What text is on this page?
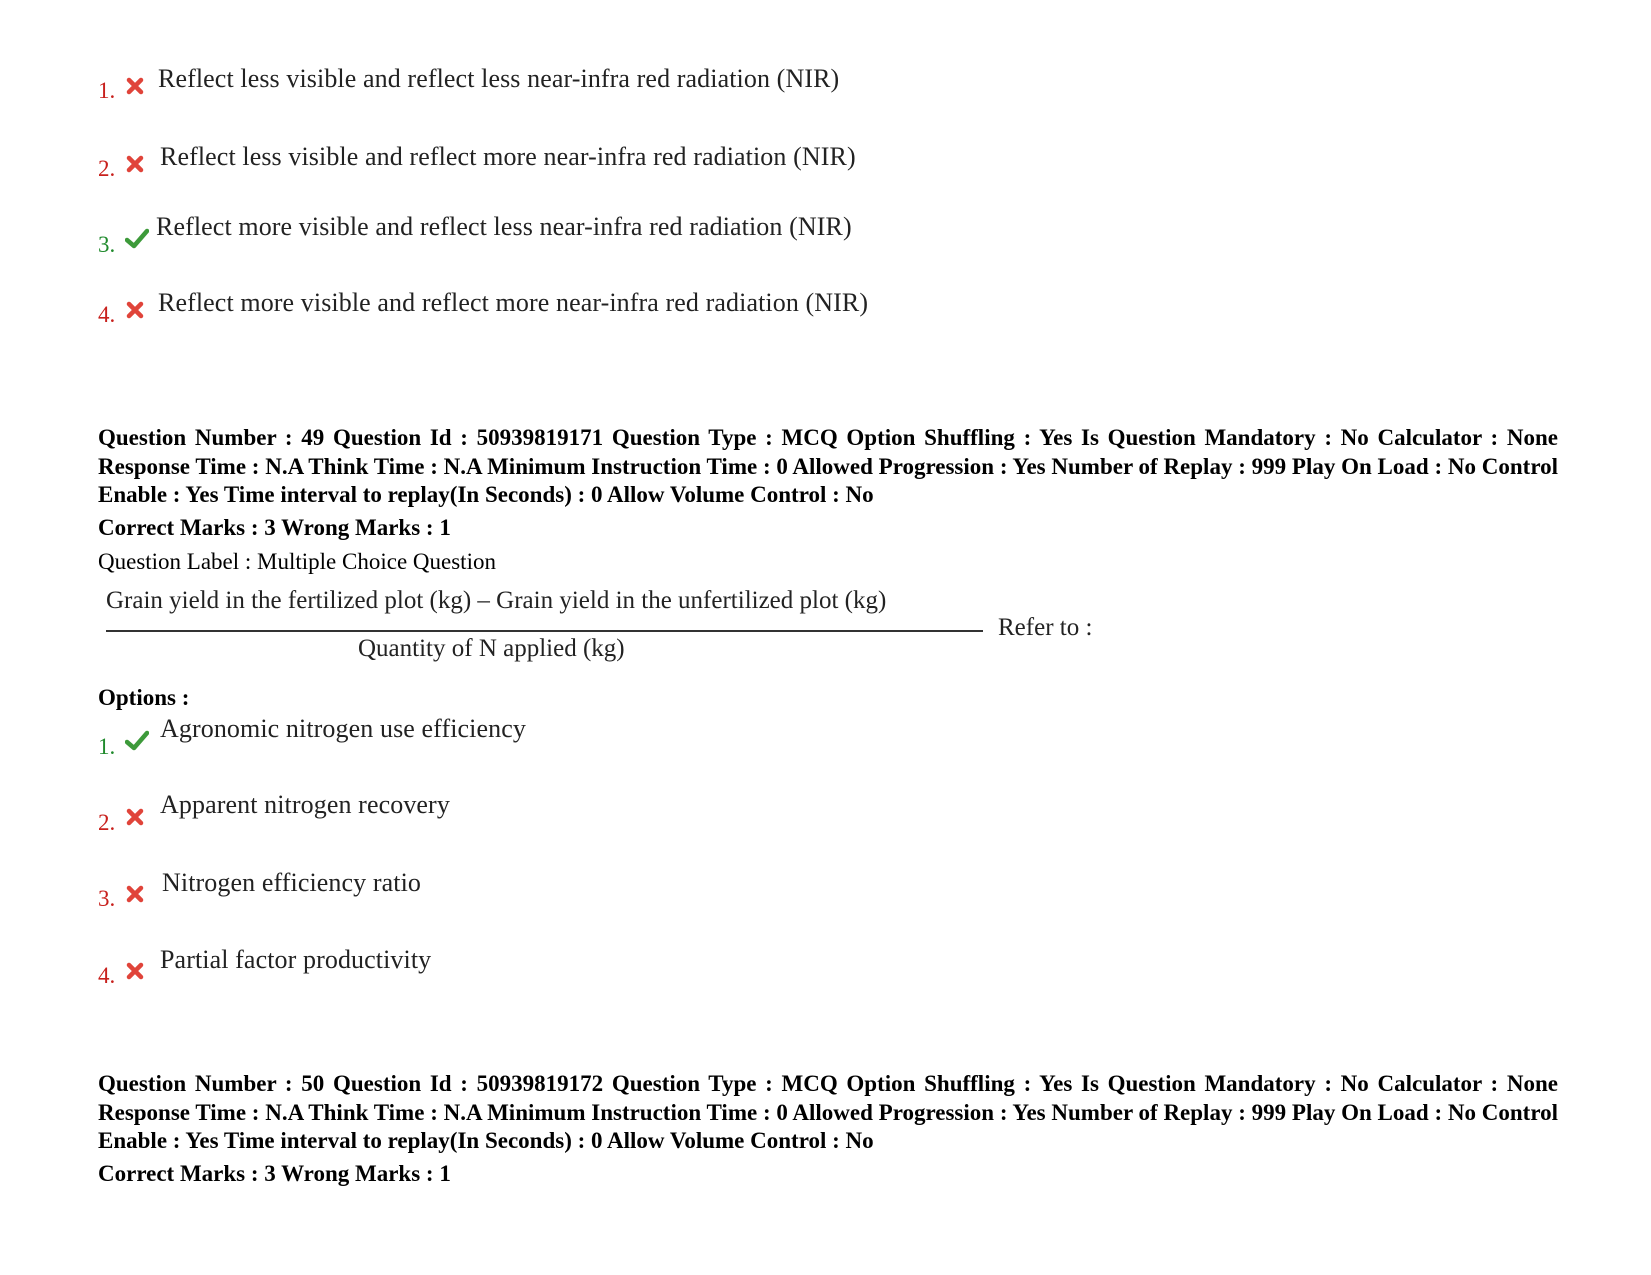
1. Reflect less visible and reflect less near-infra red radiation (NIR)
2. Reflect less visible and reflect more near-infra red radiation (NIR)
3.
Reflect more visible and reflect less near-infra red radiation (NIR)
4. Reflect more visible and reflect more near-infra red radiation (NIR)
Question Number : 49 Question Id : 50939819171 Question Type : MCQ Option Shuffling : Yes Is Question Mandatory : No Calculator : None Response Time : N.A Think Time : N.A Minimum Instruction Time : 0 Allowed Progression : Yes Number of Replay : 999 Play On Load : No Control Enable : Yes Time interval to replay(In Seconds) : 0 Allow Volume Control : No
Correct Marks : 3 Wrong Marks : 1
Question Label : Multiple Choice Question
Grain yield in the fertilized plot (kg) – Grain yield in the unfertilized plot (kg)
Quantity of N applied (kg)
Refer to :
Options :
1.
Agronomic nitrogen use efficiency
2.
Apparent nitrogen recovery
3.
Nitrogen efficiency ratio
4.
Partial factor productivity
Question Number : 50 Question Id : 50939819172 Question Type : MCQ Option Shuffling : Yes Is Question Mandatory : No Calculator : None Response Time : N.A Think Time : N.A Minimum Instruction Time : 0 Allowed Progression : Yes Number of Replay : 999 Play On Load : No Control Enable : Yes Time interval to replay(In Seconds) : 0 Allow Volume Control : No
Correct Marks : 3 Wrong Marks : 1
